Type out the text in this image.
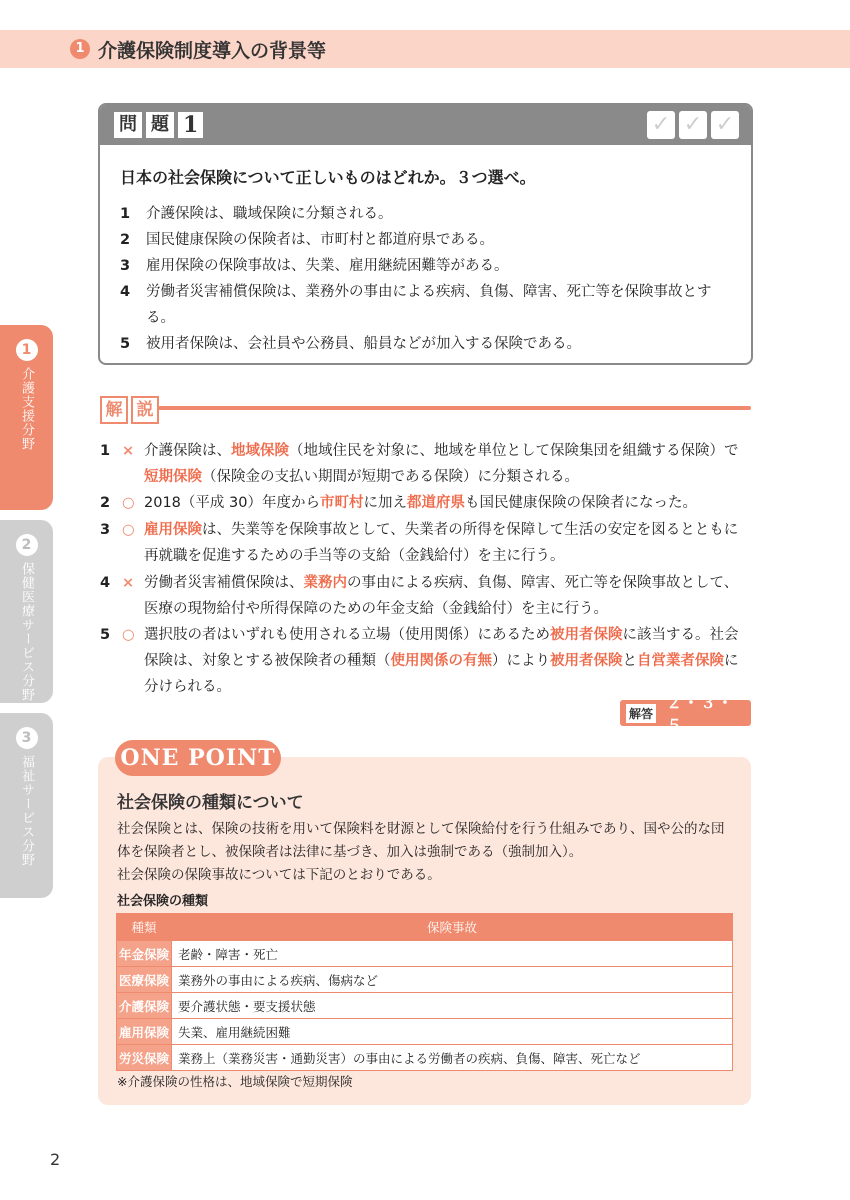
1 介護保険制度導入の背景等
1
介護支援分野
2
保健医療サービス分野
3
福祉サービス分野
問 題 1	✓ ✓ ✓
日本の社会保険について正しいものはどれか。３つ選べ。
1	介護保険は、職域保険に分類される。
2	国民健康保険の保険者は、市町村と都道府県である。
3	雇用保険の保険事故は、失業、雇用継続困難等がある。
4	労働者災害補償保険は、業務外の事由による疾病、負傷、障害、死亡等を保険事故とする。
5	被用者保険は、会社員や公務員、船員などが加入する保険である。
解 説
1 × 介護保険は、地域保険（地域住民を対象に、地域を単位として保険集団を組織する保険）で短期保険（保険金の支払い期間が短期である保険）に分類される。
2 ○ 2018（平成 30）年度から市町村に加え都道府県も国民健康保険の保険者になった。
3 ○ 雇用保険は、失業等を保険事故として、失業者の所得を保障して生活の安定を図るとともに再就職を促進するための手当等の支給（金銭給付）を主に行う。
4 × 労働者災害補償保険は、業務内の事由による疾病、負傷、障害、死亡等を保険事故として、医療の現物給付や所得保障のための年金支給（金銭給付）を主に行う。
5 ○ 選択肢の者はいずれも使用される立場（使用関係）にあるため被用者保険に該当する。社会保険は、対象とする被保険者の種類（使用関係の有無）により被用者保険と自営業者保険に分けられる。
解答
２・３・５
ONE POINT
社会保険の種類について

社会保険とは、保険の技術を用いて保険料を財源として保険給付を行う仕組みであり、国や公的な団体を保険者とし、被保険者は法律に基づき、加入は強制である（強制加入）。

社会保険の保険事故については下記のとおりである。

社会保険の種類
種類	保険事故
年金保険	老齢・障害・死亡
医療保険	業務外の事由による疾病、傷病など
介護保険	要介護状態・要支援状態
雇用保険	失業、雇用継続困難
労災保険	業務上（業務災害・通勤災害）の事由による労働者の疾病、負傷、障害、死亡など
※介護保険の性格は、地域保険で短期保険
2
